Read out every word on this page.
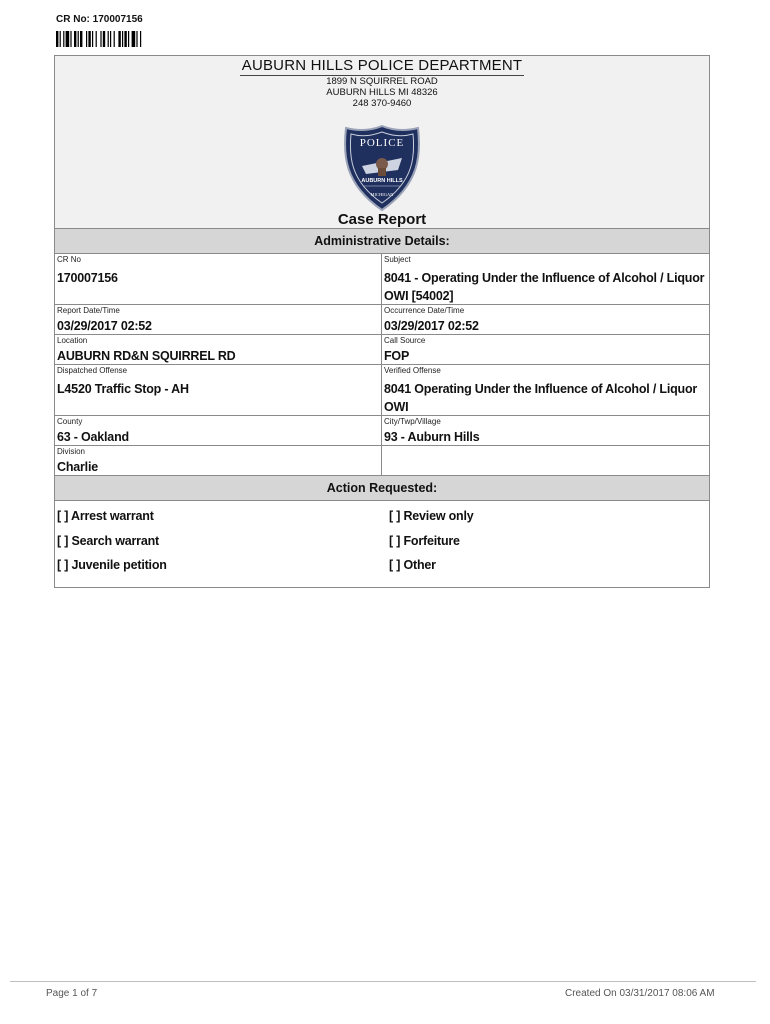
CR No: 170007156
AUBURN HILLS POLICE DEPARTMENT
1899 N SQUIRREL ROAD
AUBURN HILLS MI 48326
248 370-9460
POLICE
AUBURN HILLS
MICHIGAN
Case Report
Administrative Details:
CR No
170007156
Subject
8041 - Operating Under the Influence of Alcohol / Liquor
OWI [54002]
Report Date/Time
03/29/2017 02:52
Occurrence Date/Time
03/29/2017 02:52
Location
AUBURN RD&N SQUIRREL RD
Call Source
FOP
Dispatched Offense
L4520 Traffic Stop - AH
Verified Offense
8041 Operating Under the Influence of Alcohol / Liquor
OWI
County
63 - Oakland
City/Twp/Village
93 - Auburn Hills
Division
Charlie
Action Requested:
[ ] Arrest warrant	[ ] Review only
[ ] Search warrant	[ ] Forfeiture
[ ] Juvenile petition	[ ] Other
Page 1 of 7	Created On 03/31/2017 08:06 AM
